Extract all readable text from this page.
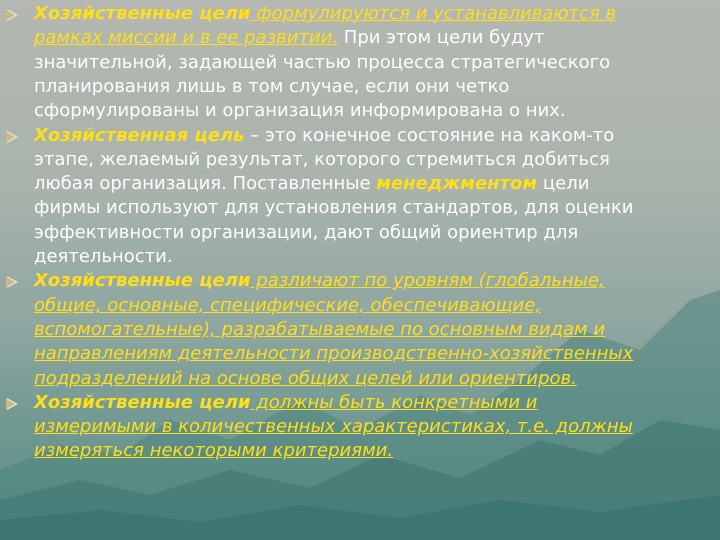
Хозяйственные цели формулируются и устанавливаются в
рамках миссии и в ее развитии. При этом цели будут
значительной, задающей частью процесса стратегического
планирования лишь в том случае, если они четко
сформулированы и организация информирована о них.
Хозяйственная цель – это конечное состояние на каком-то
этапе, желаемый результат, которого стремиться добиться
любая организация. Поставленные менеджментом цели
фирмы используют для установления стандартов, для оценки
эффективности организации, дают общий ориентир для
деятельности.
Хозяйственные цели различают по уровням (глобальные,
общие, основные, специфические, обеспечивающие,
вспомогательные), разрабатываемые по основным видам и
направлениям деятельности производственно-хозяйственных
подразделений на основе общих целей или ориентиров.
Хозяйственные цели должны быть конкретными и
измеримыми в количественных характеристиках, т.е. должны
измеряться некоторыми критериями.
